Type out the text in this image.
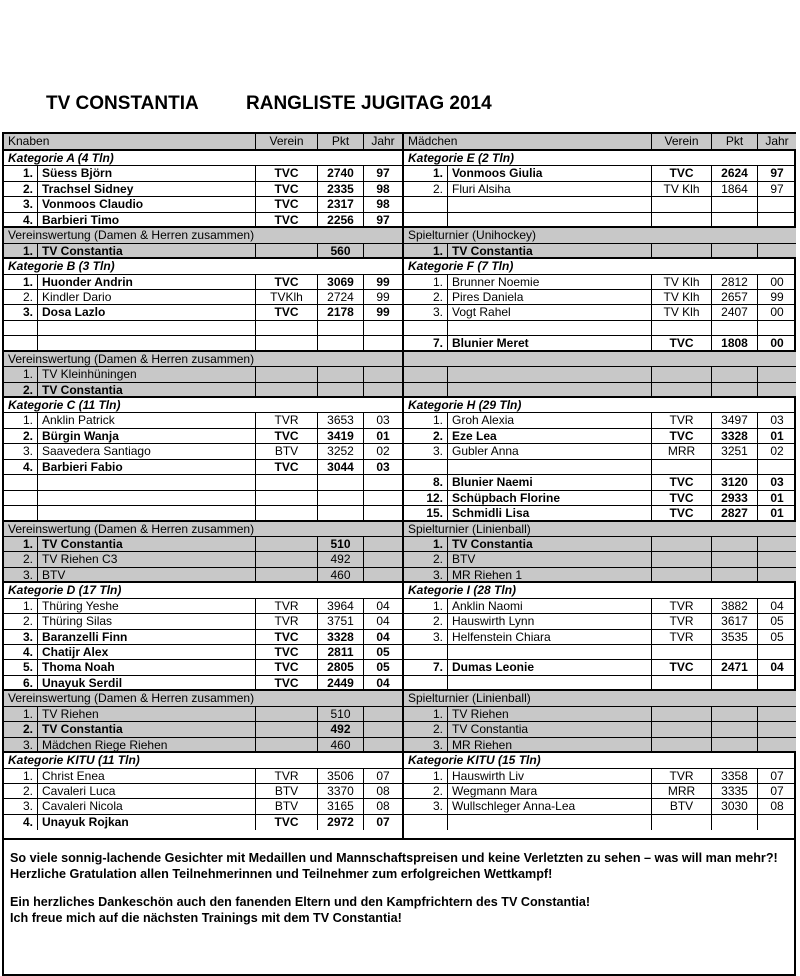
TV CONSTANTIA RANGLISTE JUGITAG 2014
Knaben	Verein	Pkt	Jahr
Kategorie A (4 Tln)
1. Süess Björn	TVC	2740	97
2. Trachsel Sidney	TVC	2335	98
3. Vonmoos Claudio	TVC	2317	98
4. Barbieri Timo	TVC	2256	97
Vereinswertung (Damen & Herren zusammen)
1. TV Constantia	560
Kategorie B (3 Tln)
1. Huonder Andrin	TVC	3069	99
2. Kindler Dario	TVKlh	2724	99
3. Dosa Lazlo	TVC	2178	99
Vereinswertung (Damen & Herren zusammen)
1. TV Kleinhüningen
2. TV Constantia
Kategorie C (11 Tln)
1. Anklin Patrick	TVR	3653	03
2. Bürgin Wanja	TVC	3419	01
3. Saavedera Santiago	BTV	3252	02
4. Barbieri Fabio	TVC	3044	03
Vereinswertung (Damen & Herren zusammen)
1. TV Constantia	510
2. TV Riehen C3	492
3. BTV	460
Kategorie D (17 Tln)
1. Thüring Yeshe	TVR	3964	04
2. Thüring Silas	TVR	3751	04
3. Baranzelli Finn	TVC	3328	04
4. Chatijr Alex	TVC	2811	05
5. Thoma Noah	TVC	2805	05
6. Unayuk Serdil	TVC	2449	04
Vereinswertung (Damen & Herren zusammen)
1. TV Riehen	510
2. TV Constantia	492
3. Mädchen Riege Riehen	460
Kategorie KITU (11 Tln)
1. Christ Enea	TVR	3506	07
2. Cavaleri Luca	BTV	3370	08
3. Cavaleri Nicola	BTV	3165	08
4. Unayuk Rojkan	TVC	2972	07
Mädchen	Verein	Pkt	Jahr
Kategorie E (2 Tln)
1. Vonmoos Giulia	TVC	2624	97
2. Fluri Alsiha	TV Klh	1864	97
Spielturnier (Unihockey)
1. TV Constantia
Kategorie F (7 Tln)
1. Brunner Noemie	TV Klh	2812	00
2. Pires Daniela	TV Klh	2657	99
3. Vogt Rahel	TV Klh	2407	00
7. Blunier Meret	TVC	1808	00
Kategorie H (29 Tln)
1. Groh Alexia	TVR	3497	03
2. Eze Lea	TVC	3328	01
3. Gubler Anna	MRR	3251	02
8. Blunier Naemi	TVC	3120	03
12. Schüpbach Florine	TVC	2933	01
15. Schmidli Lisa	TVC	2827	01
Spielturnier (Linienball)
1. TV Constantia
2. BTV
3. MR Riehen 1
Kategorie I (28 Tln)
1. Anklin Naomi	TVR	3882	04
2. Hauswirth Lynn	TVR	3617	05
3. Helfenstein Chiara	TVR	3535	05
7. Dumas Leonie	TVC	2471	04
Spielturnier (Linienball)
1. TV Riehen
2. TV Constantia
3. MR Riehen
Kategorie KITU (15 Tln)
1. Hauswirth Liv	TVR	3358	07
2. Wegmann Mara	MRR	3335	07
3. Wullschleger Anna-Lea	BTV	3030	08

So viele sonnig-lachende Gesichter mit Medaillen und Mannschaftspreisen und keine Verletzten zu sehen – was will man mehr?! Herzliche Gratulation allen Teilnehmerinnen und Teilnehmer zum erfolgreichen Wettkampf!

Ein herzliches Dankeschön auch den fanenden Eltern und den Kampfrichtern des TV Constantia!
Ich freue mich auf die nächsten Trainings mit dem TV Constantia!
